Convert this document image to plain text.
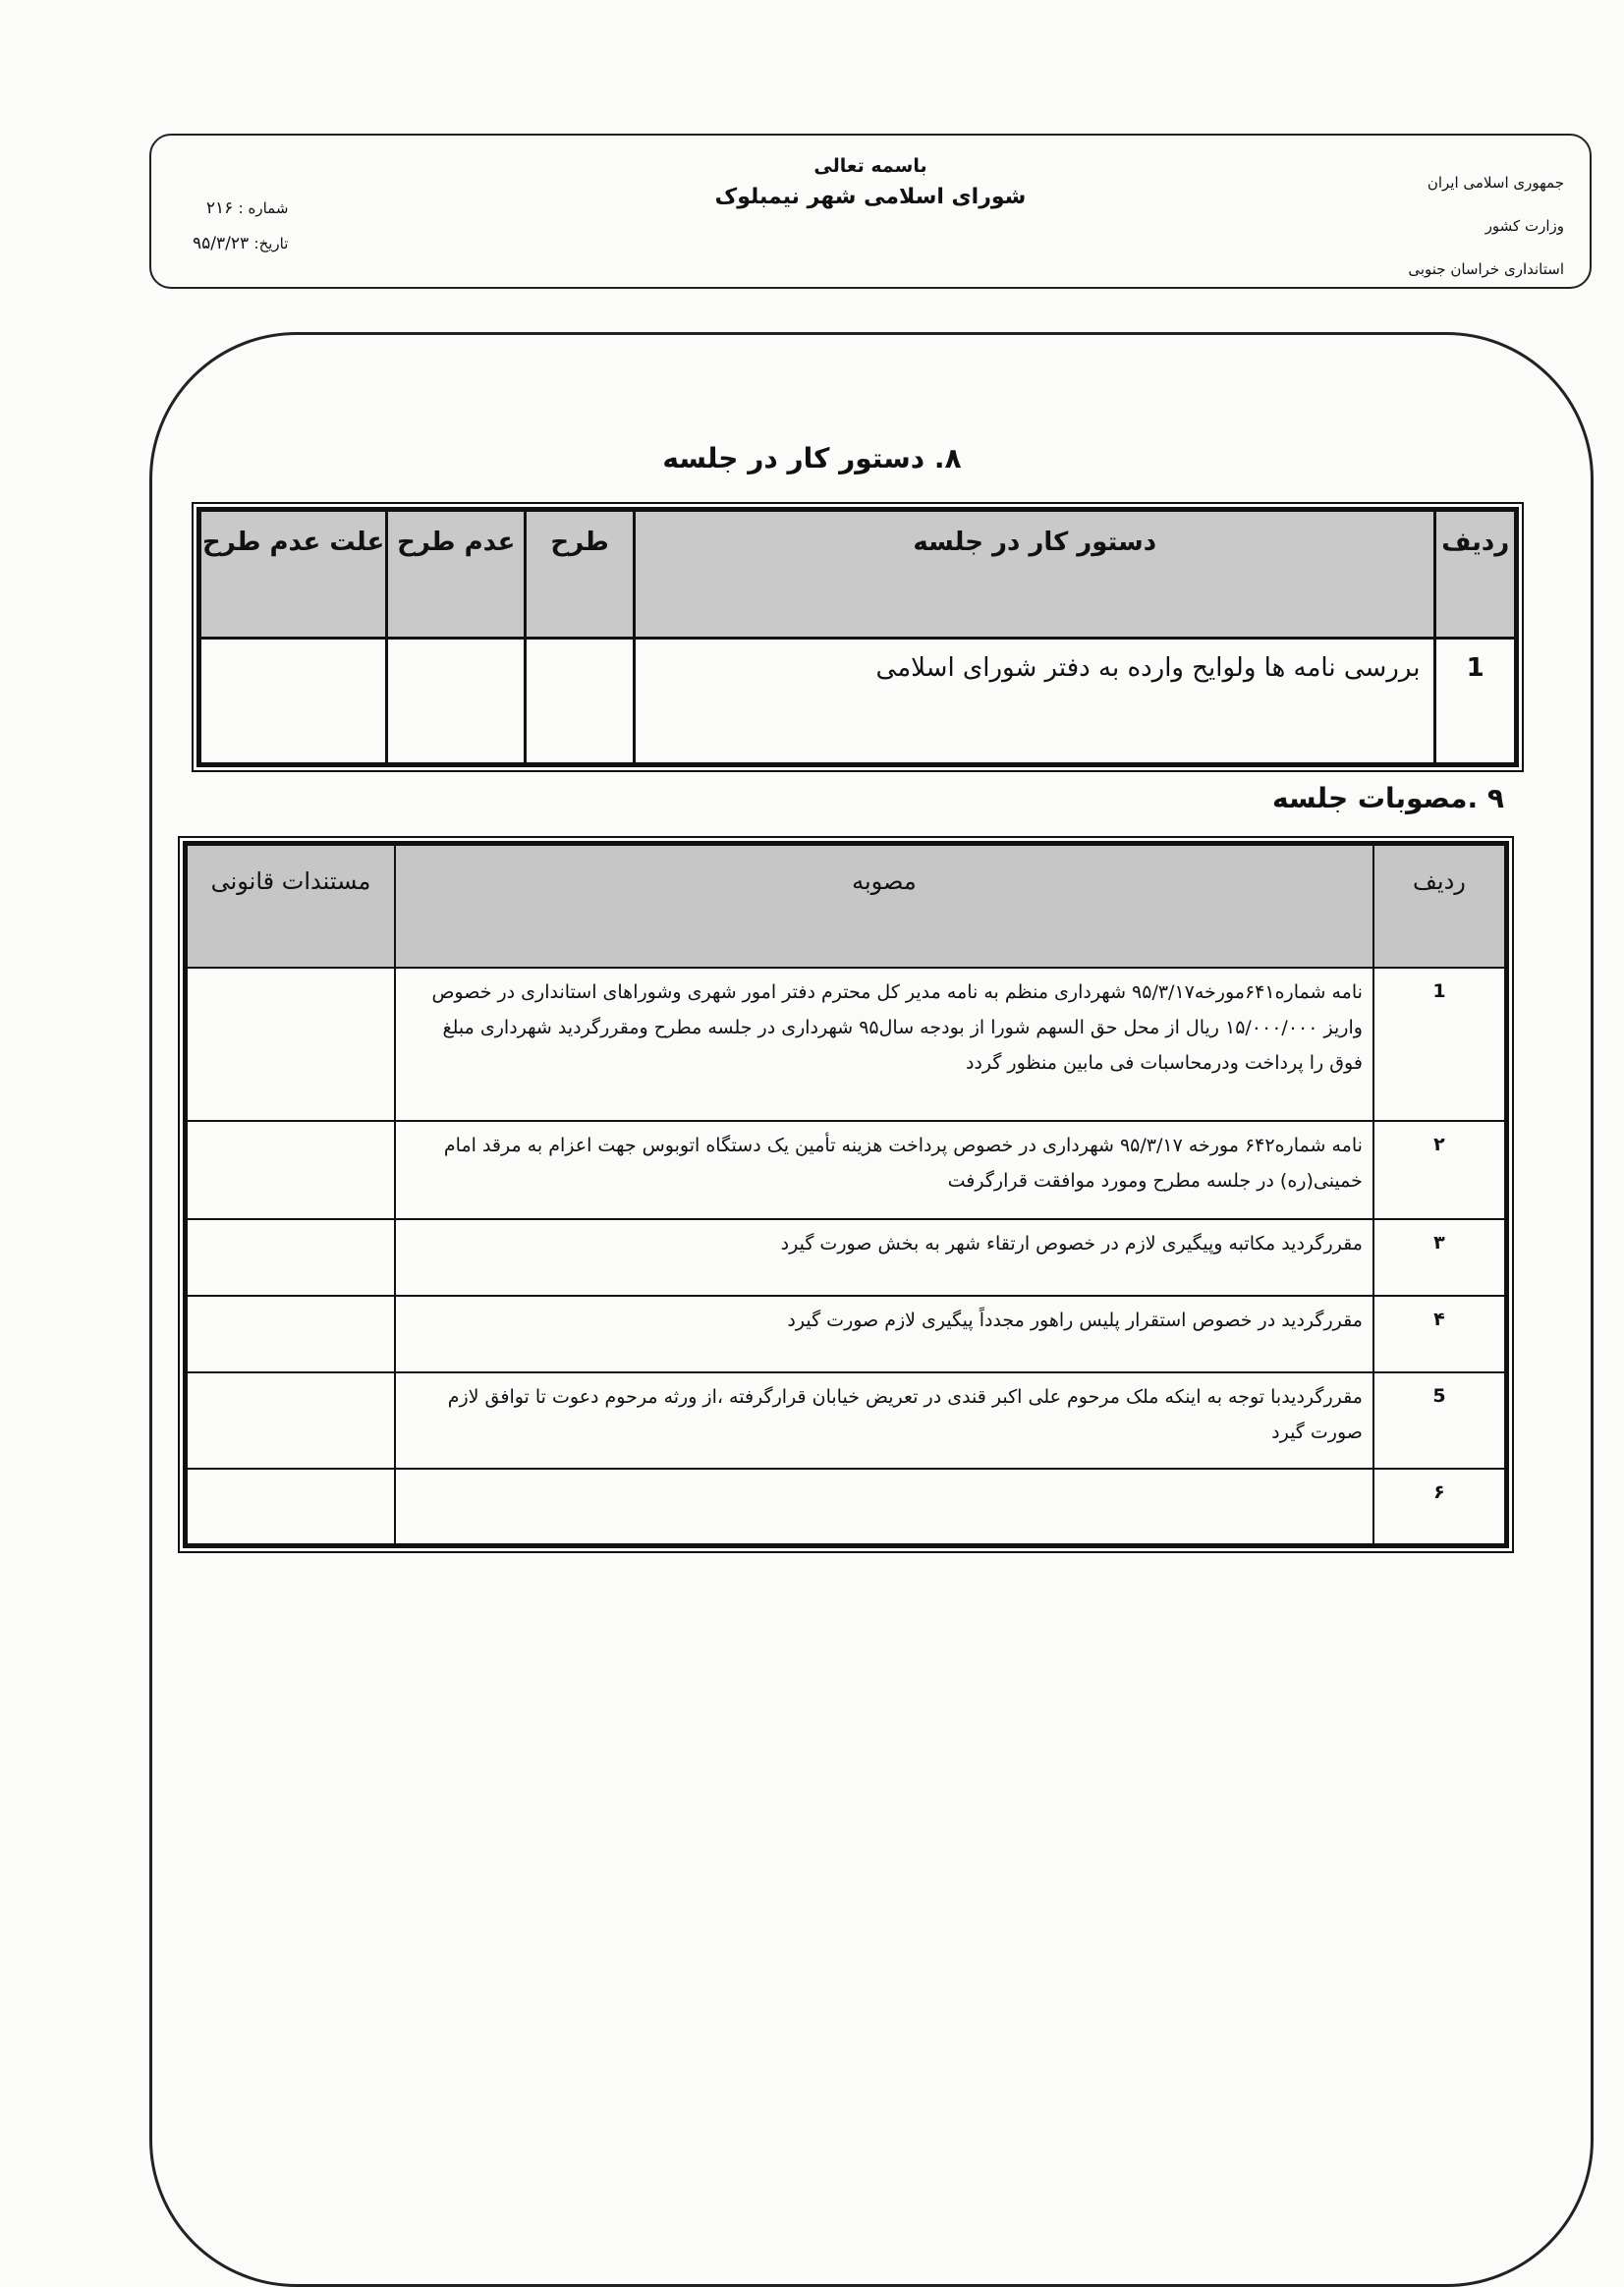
جمهوری اسلامی ایران
وزارت کشور
استانداری خراسان جنوبی
باسمه تعالی
شورای اسلامی شهر نیمبلوک
شماره : ۲۱۶
تاریخ: ۹۵/۳/۲۳
۸. دستور کار در جلسه
ردیف	دستور کار در جلسه	طرح	عدم طرح	علت عدم طرح
1	بررسی نامه ها ولوایح وارده به دفتر شورای اسلامی			
۹ .مصوبات جلسه
ردیف	مصوبه	مستندات قانونی
1	نامه شماره۶۴۱مورخه۹۵/۳/۱۷ شهرداری منظم به نامه مدیر کل محترم دفتر امور شهری وشوراهای استانداری در خصوص واریز ۱۵/۰۰۰/۰۰۰ ریال از محل حق السهم شورا از بودجه سال۹۵ شهرداری در جلسه مطرح ومقررگردید شهرداری مبلغ فوق را پرداخت ودرمحاسبات فی مابین منظور گردد	
۲	نامه شماره۶۴۲ مورخه ۹۵/۳/۱۷ شهرداری در خصوص پرداخت هزینه تأمین یک دستگاه اتوبوس جهت اعزام به مرقد امام خمینی(ره) در جلسه مطرح ومورد موافقت قرارگرفت	
۳	مقررگردید مکاتبه وپیگیری لازم در خصوص ارتقاء شهر به بخش صورت گیرد	
۴	مقررگردید در خصوص استقرار پلیس راهور مجدداً پیگیری لازم صورت گیرد	
5	مقررگردیدبا توجه به اینکه ملک مرحوم علی اکبر قندی در تعریض خیابان قرارگرفته ،از ورثه مرحوم دعوت تا توافق لازم صورت گیرد	
۶		
